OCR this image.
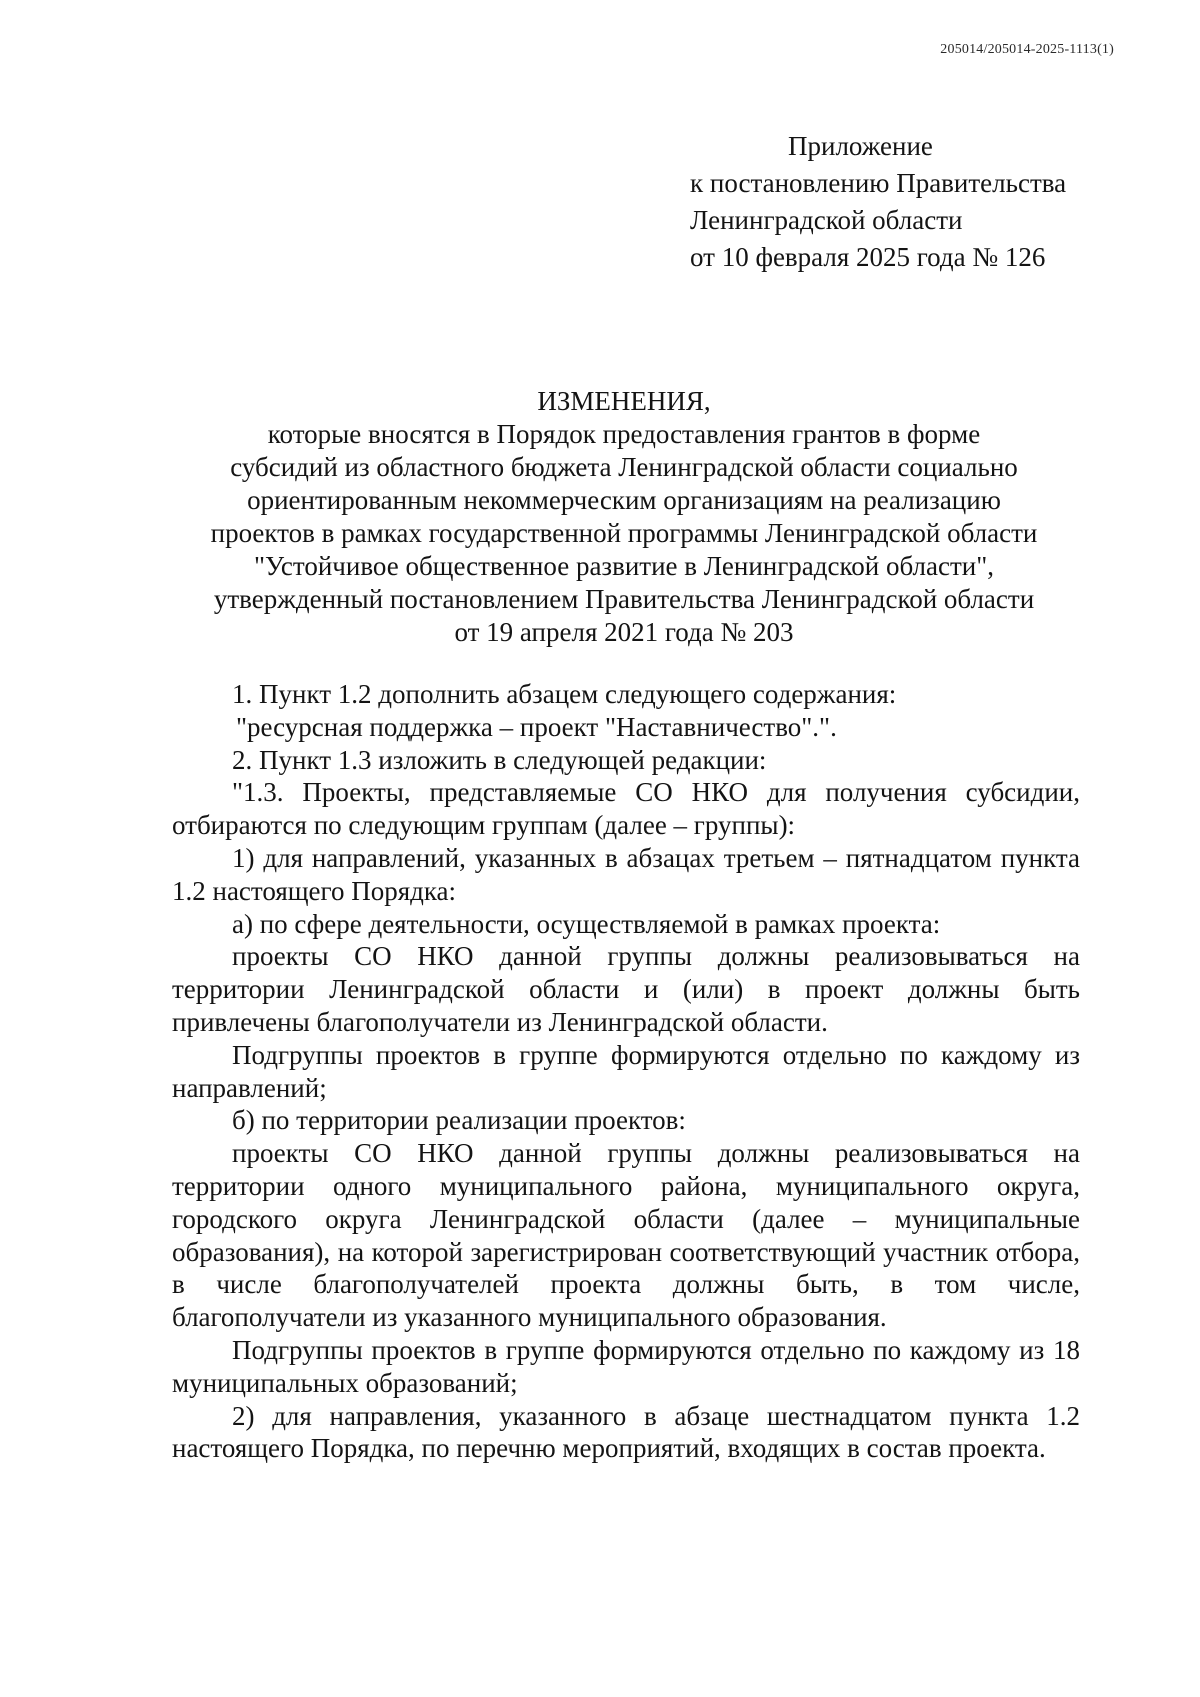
205014/205014-2025-1113(1)
Приложение
к постановлению Правительства
Ленинградской области
от 10 февраля 2025 года № 126
ИЗМЕНЕНИЯ,
которые вносятся в Порядок предоставления грантов в форме
субсидий из областного бюджета Ленинградской области социально
ориентированным некоммерческим организациям на реализацию
проектов в рамках государственной программы Ленинградской области
"Устойчивое общественное развитие в Ленинградской области",
утвержденный постановлением Правительства Ленинградской области
от 19 апреля 2021 года № 203

1. Пункт 1.2 дополнить абзацем следующего содержания:

"ресурсная поддержка – проект "Наставничество".".

2. Пункт 1.3 изложить в следующей редакции:

"1.3. Проекты, представляемые СО НКО для получения субсидии, отбираются по следующим группам (далее – группы):

1) для направлений, указанных в абзацах третьем – пятнадцатом пункта 1.2 настоящего Порядка:

а) по сфере деятельности, осуществляемой в рамках проекта:

проекты СО НКО данной группы должны реализовываться на территории Ленинградской области и (или) в проект должны быть привлечены благополучатели из Ленинградской области.

Подгруппы проектов в группе формируются отдельно по каждому из направлений;

б) по территории реализации проектов:

проекты СО НКО данной группы должны реализовываться на территории одного муниципального района, муниципального округа, городского округа Ленинградской области (далее – муниципальные образования), на которой зарегистрирован соответствующий участник отбора, в числе благополучателей проекта должны быть, в том числе, благополучатели из указанного муниципального образования.

Подгруппы проектов в группе формируются отдельно по каждому из 18 муниципальных образований;

2) для направления, указанного в абзаце шестнадцатом пункта 1.2 настоящего Порядка, по перечню мероприятий, входящих в состав проекта.
